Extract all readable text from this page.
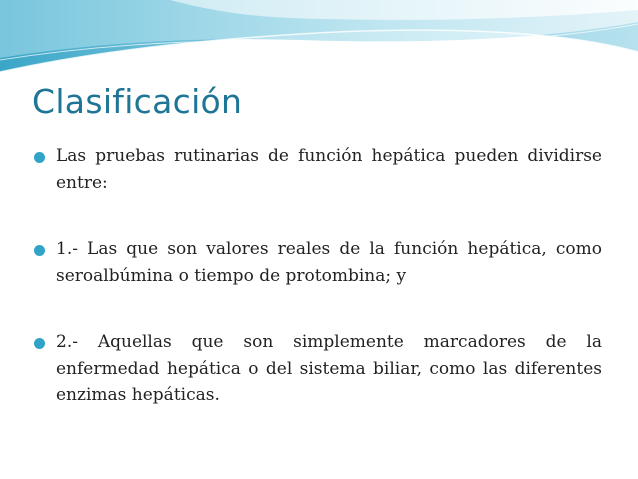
Clasificación

Las pruebas rutinarias de función hepática pueden dividirse entre:

1.- Las que son valores reales de la función hepática, como seroalbúmina o tiempo de protombina; y

2.- Aquellas que son simplemente marcadores de la enfermedad hepática o del sistema biliar, como las diferentes enzimas hepáticas.
